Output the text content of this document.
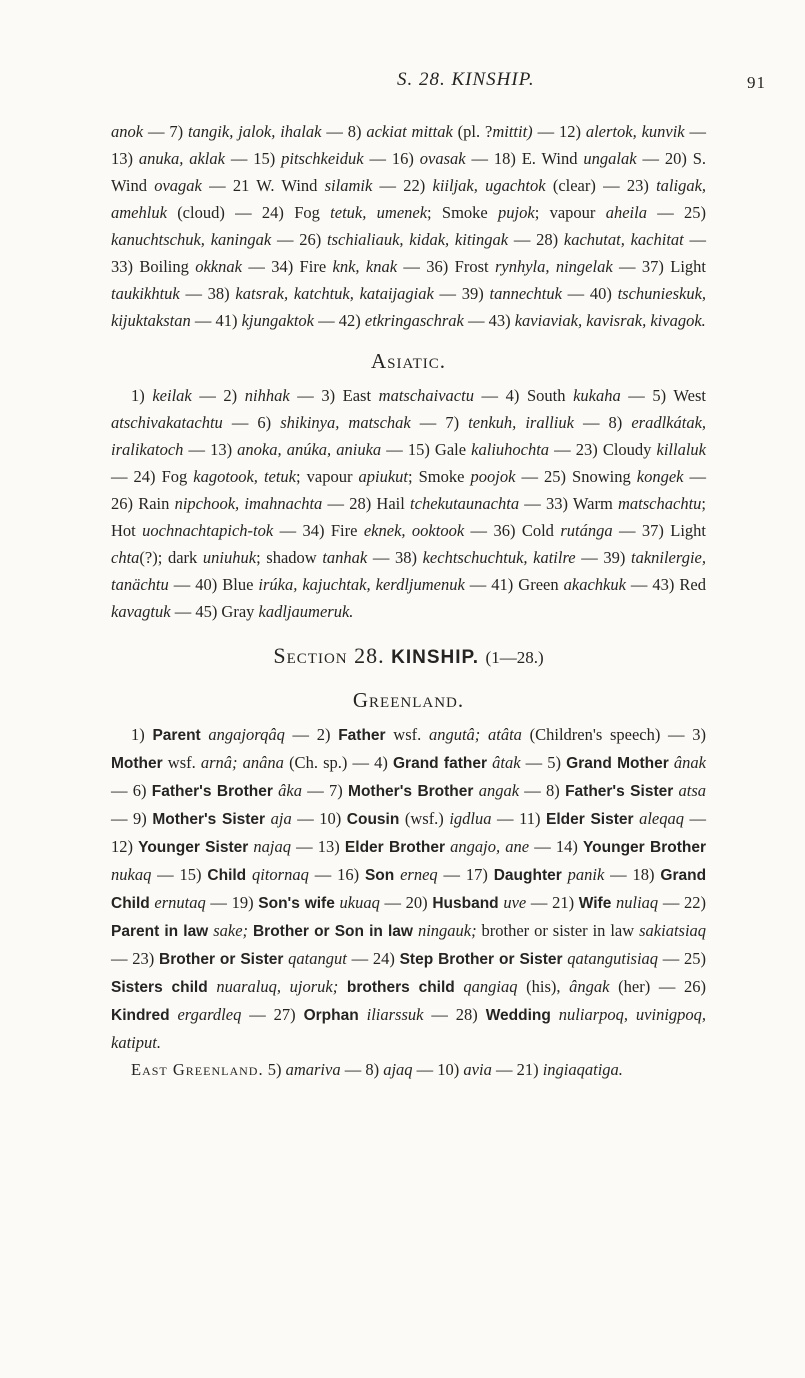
S. 28. KINSHIP.	91

anok — 7) tangik, jalok, ihalak — 8) ackiat mittak (pl. ?mittit) — 12) alertok, kunvik — 13) anuka, aklak — 15) pitschkeiduk — 16) ovasak — 18) E. Wind ungalak — 20) S. Wind ovagak — 21 W. Wind silamik — 22) kiiljak, ugachtok (clear) — 23) taligak, amehluk (cloud) — 24) Fog tetuk, umenek; Smoke pujok; vapour aheila — 25) kanuchtschuk, kaningak — 26) tschialiauk, kidak, kitingak — 28) kachutat, kachitat — 33) Boiling okknak — 34) Fire knk, knak — 36) Frost rynhyla, ningelak — 37) Light taukikhtuk — 38) katsrak, katchtuk, kataijagiak — 39) tannechtuk — 40) tschunieskuk, kijuktakstan — 41) kjungaktok — 42) etkringaschrak — 43) kaviaviak, kavisrak, kivagok.

Asiatic.

1) keilak — 2) nihhak — 3) East matschaivactu — 4) South kukaha — 5) West atschivakatachtu — 6) shikinya, matschak — 7) tenkuh, iralliuk — 8) eradlkátak, iralikatoch — 13) anoka, anúka, aniuka — 15) Gale kaliuhochta — 23) Cloudy killaluk — 24) Fog kagotook, tetuk; vapour apiukut; Smoke poojok — 25) Snowing kongek — 26) Rain nipchook, imahnachta — 28) Hail tchekutaunachta — 33) Warm matschachtu; Hot uochnachtapich-tok — 34) Fire eknek, ooktook — 36) Cold rutánga — 37) Light chta(?); dark uniuhuk; shadow tanhak — 38) kechtschuchtuk, katilre — 39) taknilergie, tanächtu — 40) Blue irúka, kajuchtak, kerdljumenuk — 41) Green akachkuk — 43) Red kavagtuk — 45) Gray kadljaumeruk.

Section 28. KINSHIP. (1—28.)
Greenland.

1) Parent angajorqâq — 2) Father wsf. angutâ; atâta (Children's speech) — 3) Mother wsf. arnâ; anâna (Ch. sp.) — 4) Grand father âtak — 5) Grand Mother ânak — 6) Father's Brother âka — 7) Mother's Brother angak — 8) Father's Sister atsa — 9) Mother's Sister aja — 10) Cousin (wsf.) igdlua — 11) Elder Sister aleqaq — 12) Younger Sister najaq — 13) Elder Brother angajo, ane — 14) Younger Brother nukaq — 15) Child qitornaq — 16) Son erneq — 17) Daughter panik — 18) Grand Child ernutaq — 19) Son's wife ukuaq — 20) Husband uve — 21) Wife nuliaq — 22) Parent in law sake; Brother or Son in law ningauk; brother or sister in law sakiatsiaq — 23) Brother or Sister qatangut — 24) Step Brother or Sister qatangutisiaq — 25) Sisters child nuaraluq, ujoruk; brothers child qangiaq (his), ângak (her) — 26) Kindred ergardleq — 27) Orphan iliarssuk — 28) Wedding nuliarpoq, uvinigpoq, katiput.

East Greenland. 5) amariva — 8) ajaq — 10) avia — 21) ingiaqatiga.
